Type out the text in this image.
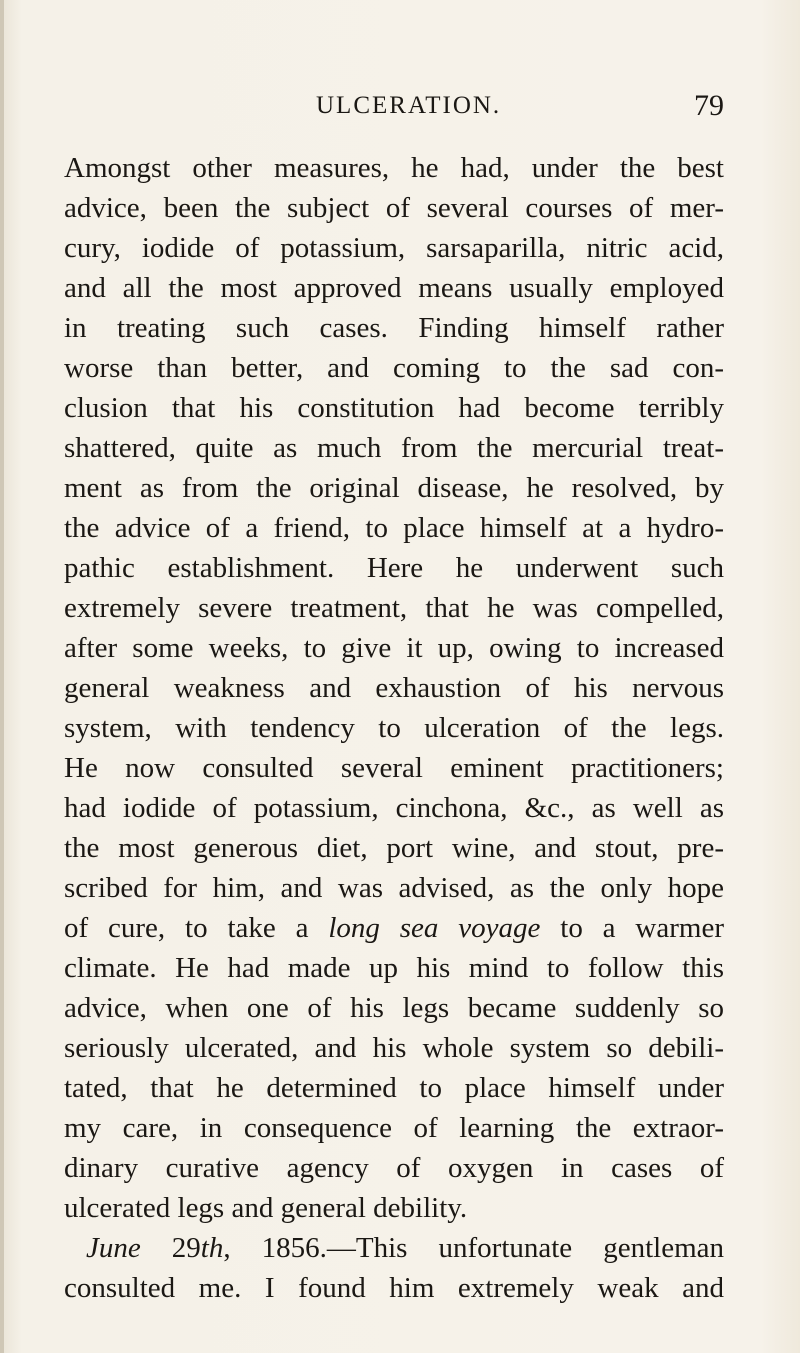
ULCERATION.	79
Amongst other measures, he had, under the best
advice, been the subject of several courses of mer-
cury, iodide of potassium, sarsaparilla, nitric acid,
and all the most approved means usually employed
in treating such cases. Finding himself rather
worse than better, and coming to the sad con-
clusion that his constitution had become terribly
shattered, quite as much from the mercurial treat-
ment as from the original disease, he resolved, by
the advice of a friend, to place himself at a hydro-
pathic establishment. Here he underwent such
extremely severe treatment, that he was compelled,
after some weeks, to give it up, owing to increased
general weakness and exhaustion of his nervous
system, with tendency to ulceration of the legs.
He now consulted several eminent practitioners;
had iodide of potassium, cinchona, &c., as well as
the most generous diet, port wine, and stout, pre-
scribed for him, and was advised, as the only hope
of cure, to take a long sea voyage to a warmer
climate. He had made up his mind to follow this
advice, when one of his legs became suddenly so
seriously ulcerated, and his whole system so debili-
tated, that he determined to place himself under
my care, in consequence of learning the extraor-
dinary curative agency of oxygen in cases of
ulcerated legs and general debility.
June 29th, 1856.—This unfortunate gentleman
consulted me. I found him extremely weak and
